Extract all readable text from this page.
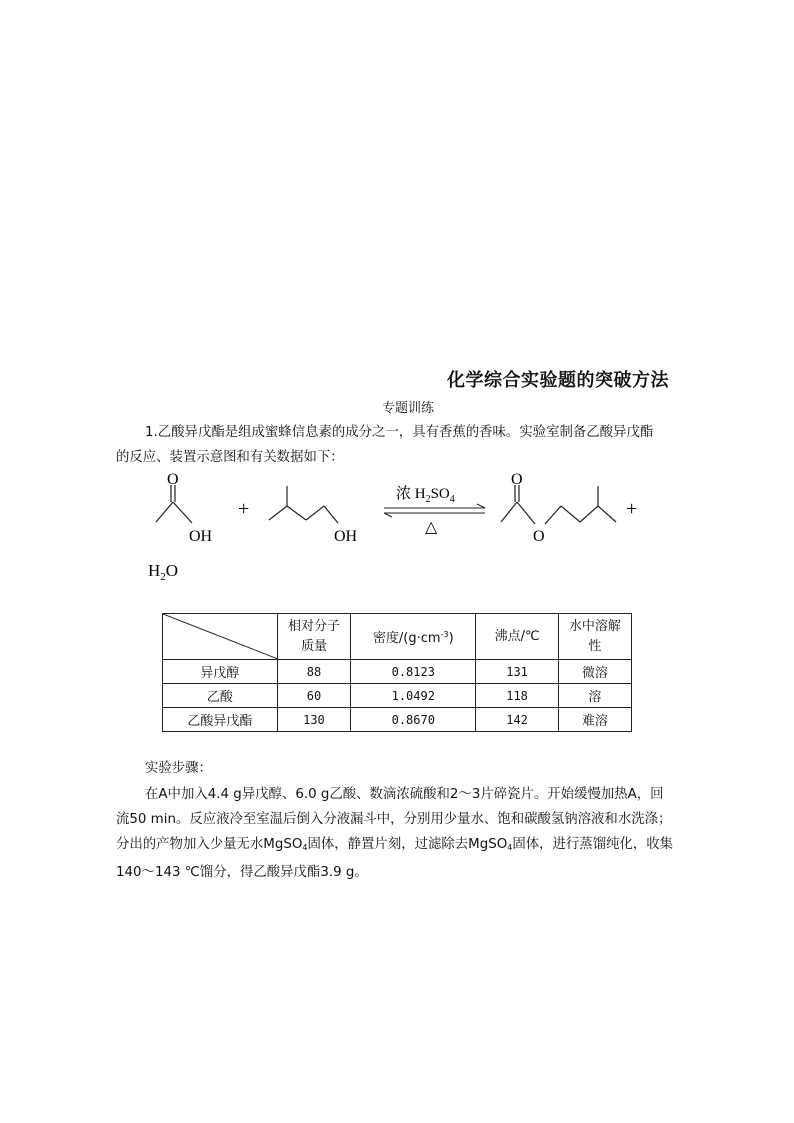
化学综合实验题的突破方法
专题训练
1.乙酸异戊酯是组成蜜蜂信息素的成分之一，具有香蕉的香味。实验室制备乙酸异戊酯
的反应、装置示意图和有关数据如下：
O
OH
+
OH
浓 $H_2SO_4$
△
O
O
+
$H_2O$
	相对分子
质量	密度$/(g\cdot cm^{-3})$	沸点/℃	水中溶解
性
异戊醇	88	0.8123	131	微溶
乙酸	60	1.0492	118	溶
乙酸异戊酯	130	0.8670	142	难溶
实验步骤：
在A中加入4.4 g异戊醇、6.0 g乙酸、数滴浓硫酸和2～3片碎瓷片。开始缓慢加热A，回流50 min。反应液冷至室温后倒入分液漏斗中，分别用少量水、饱和碳酸氢钠溶液和水洗涤；分出的产物加入少量无水MgSO$_4$固体，静置片刻，过滤除去MgSO$_4$固体，进行蒸馏纯化，收集140～143 ℃馏分，得乙酸异戊酯3.9 g。
